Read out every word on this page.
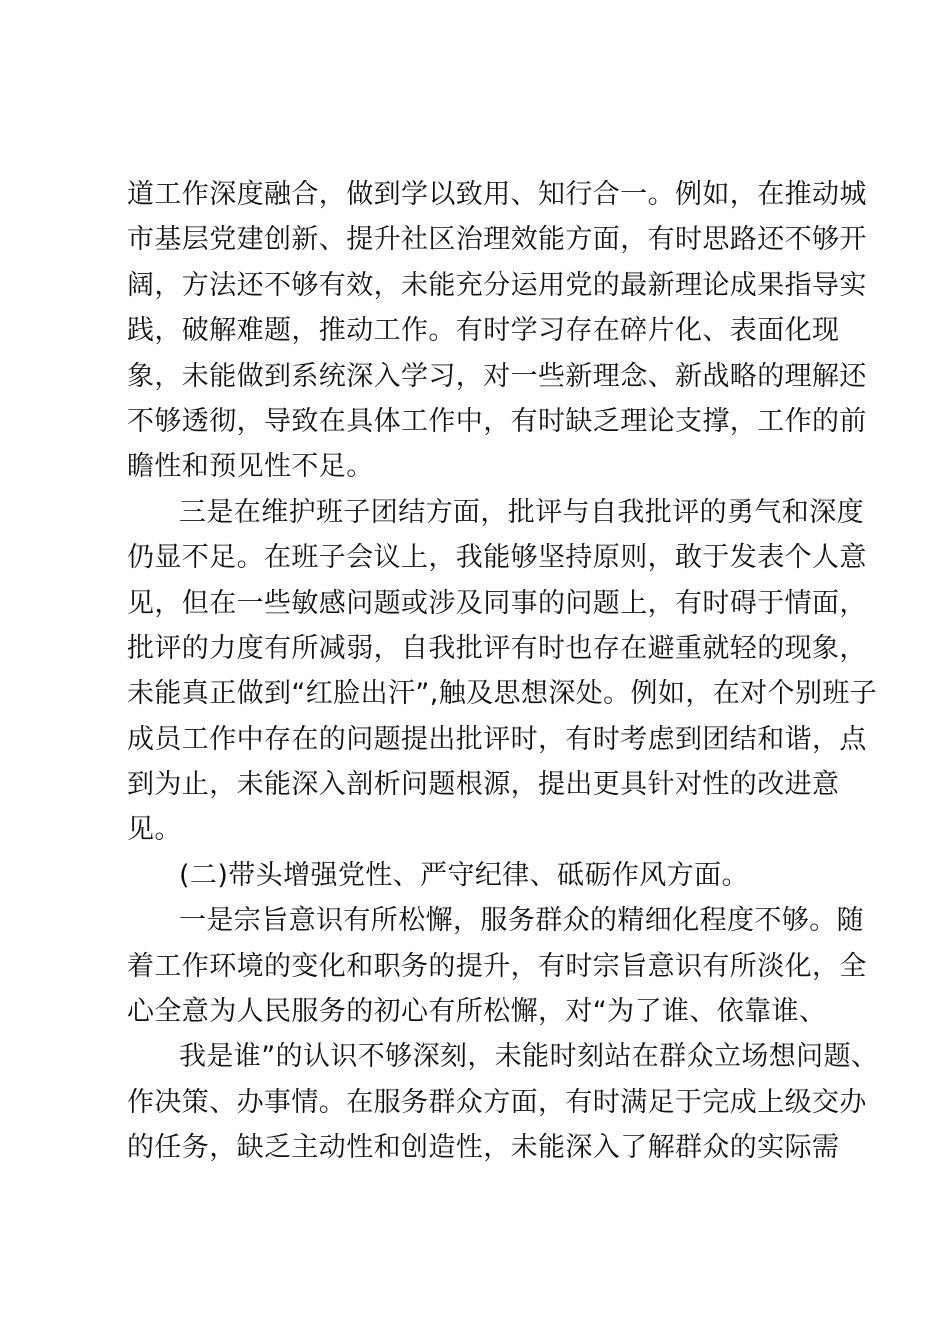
道工作深度融合，做到学以致用、知行合一。例如，在推动城
市基层党建创新、提升社区治理效能方面，有时思路还不够开
阔，方法还不够有效，未能充分运用党的最新理论成果指导实
践，破解难题，推动工作。有时学习存在碎片化、表面化现
象，未能做到系统深入学习，对一些新理念、新战略的理解还
不够透彻，导致在具体工作中，有时缺乏理论支撑，工作的前
瞻性和预见性不足。
三是在维护班子团结方面，批评与自我批评的勇气和深度
仍显不足。在班子会议上，我能够坚持原则，敢于发表个人意
见，但在一些敏感问题或涉及同事的问题上，有时碍于情面，
批评的力度有所减弱，自我批评有时也存在避重就轻的现象，
未能真正做到“红脸出汗”,触及思想深处。例如，在对个别班子
成员工作中存在的问题提出批评时，有时考虑到团结和谐，点
到为止，未能深入剖析问题根源，提出更具针对性的改进意
见。
(二)带头增强党性、严守纪律、砥砺作风方面。
一是宗旨意识有所松懈，服务群众的精细化程度不够。随
着工作环境的变化和职务的提升，有时宗旨意识有所淡化，全
心全意为人民服务的初心有所松懈，对“为了谁、依靠谁、
我是谁”的认识不够深刻，未能时刻站在群众立场想问题、
作决策、办事情。在服务群众方面，有时满足于完成上级交办
的任务，缺乏主动性和创造性，未能深入了解群众的实际需
